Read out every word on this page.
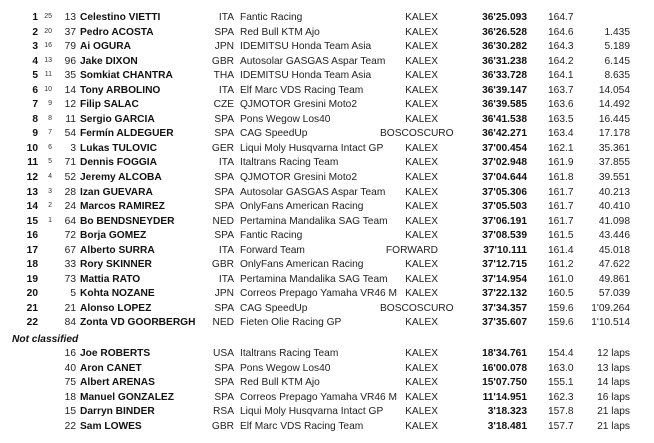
1 25	13 Celestino VIETTI	ITA Fantic Racing	KALEX	36'25.093 164.7
2 20	37 Pedro ACOSTA	SPA Red Bull KTM Ajo	KALEX	36'26.528 164.6	1.435
3 16	79 Ai OGURA	JPN IDEMITSU Honda Team Asia	KALEX	36'30.282 164.3	5.189
4 13	96 Jake DIXON	GBR Autosolar GASGAS Aspar Team	KALEX	36'31.238 164.2	6.145
5 11	35 Somkiat CHANTRA	THA IDEMITSU Honda Team Asia	KALEX	36'33.728 164.1	8.635
6 10	14 Tony ARBOLINO	ITA Elf Marc VDS Racing Team	KALEX	36'39.147 163.7	14.054
7	9	12 Filip SALAC	CZE QJMOTOR Gresini Moto2	KALEX	36'39.585 163.6	14.492
8	8	11 Sergio GARCIA	SPA Pons Wegow Los40	KALEX	36'41.538 163.5	16.445
9	7	54 Fermín ALDEGUER	SPA CAG SpeedUp	BOSCOSCURO	36'42.271 163.4	17.178
10	6	3 Lukas TULOVIC	GER Liqui Moly Husqvarna Intact GP	KALEX	37'00.454 162.1	35.361
11	5	71 Dennis FOGGIA	ITA Italtrans Racing Team	KALEX	37'02.948 161.9	37.855
12	4	52 Jeremy ALCOBA	SPA QJMOTOR Gresini Moto2	KALEX	37'04.644 161.8	39.551
13	3	28 Izan GUEVARA	SPA Autosolar GASGAS Aspar Team	KALEX	37'05.306 161.7	40.213
14	2	24 Marcos RAMIREZ	SPA OnlyFans American Racing	KALEX	37'05.503 161.7	40.410
15	1	64 Bo BENDSNEYDER	NED Pertamina Mandalika SAG Team	KALEX	37'06.191 161.7	41.098
16	72 Borja GOMEZ	SPA Fantic Racing	KALEX	37'08.539 161.5	43.446
17	67 Alberto SURRA	ITA Forward Team	FORWARD	37'10.111 161.4	45.018
18	33 Rory SKINNER	GBR OnlyFans American Racing	KALEX	37'12.715 161.2	47.622
19	73 Mattia RATO	ITA Pertamina Mandalika SAG Team	KALEX	37'14.954 161.0	49.861
20	5 Kohta NOZANE	JPN Correos Prepago Yamaha VR46 M KALEX	37'22.132 160.5	57.039
21	21 Alonso LOPEZ	SPA CAG SpeedUp	BOSCOSCURO	37'34.357 159.6	1'09.264
22	84 Zonta VD GOORBERGH NED Fieten Olie Racing GP	KALEX	37'35.607 159.6	1'10.514
Not classified
16 Joe ROBERTS	USA Italtrans Racing Team	KALEX	18'34.761 154.4	12 laps
40 Aron CANET	SPA Pons Wegow Los40	KALEX	16'00.078 163.0	13 laps
75 Albert ARENAS	SPA Red Bull KTM Ajo	KALEX	15'07.750 155.1	14 laps
18 Manuel GONZALEZ	SPA Correos Prepago Yamaha VR46 M KALEX	11'14.951 162.3	16 laps
15 Darryn BINDER	RSA Liqui Moly Husqvarna Intact GP	KALEX	3'18.323 157.8	21 laps
22 Sam LOWES	GBR Elf Marc VDS Racing Team	KALEX	3'18.481 157.7	21 laps
